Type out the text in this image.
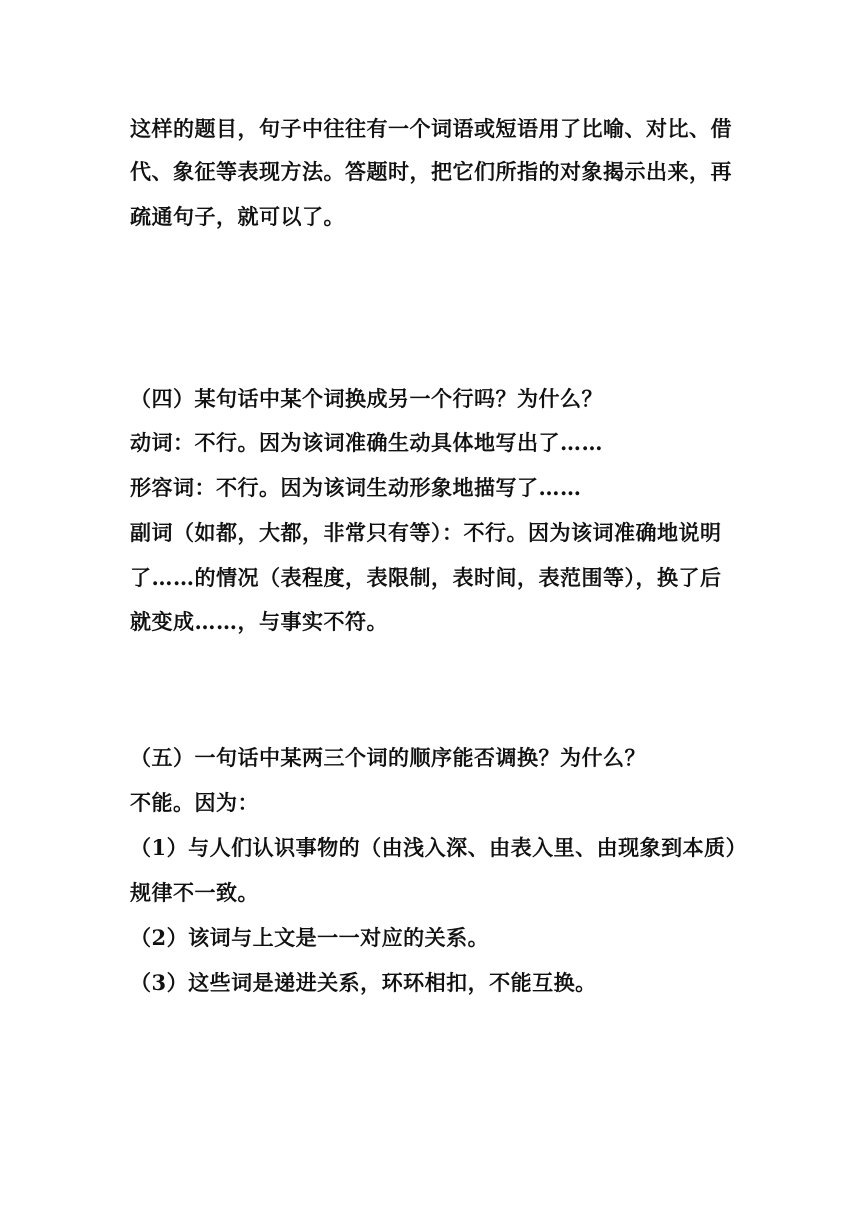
这样的题目，句子中往往有一个词语或短语用了比喻、对比、借
代、象征等表现方法。答题时，把它们所指的对象揭示出来，再
疏通句子，就可以了。
（四）某句话中某个词换成另一个行吗？为什么？
动词：不行。因为该词准确生动具体地写出了……
形容词：不行。因为该词生动形象地描写了……
副词（如都，大都，非常只有等）：不行。因为该词准确地说明
了……的情况（表程度，表限制，表时间，表范围等），换了后
就变成……，与事实不符。
（五）一句话中某两三个词的顺序能否调换？为什么？
不能。因为：
（1）与人们认识事物的（由浅入深、由表入里、由现象到本质）
规律不一致。
（2）该词与上文是一一对应的关系。
（3）这些词是递进关系，环环相扣，不能互换。
